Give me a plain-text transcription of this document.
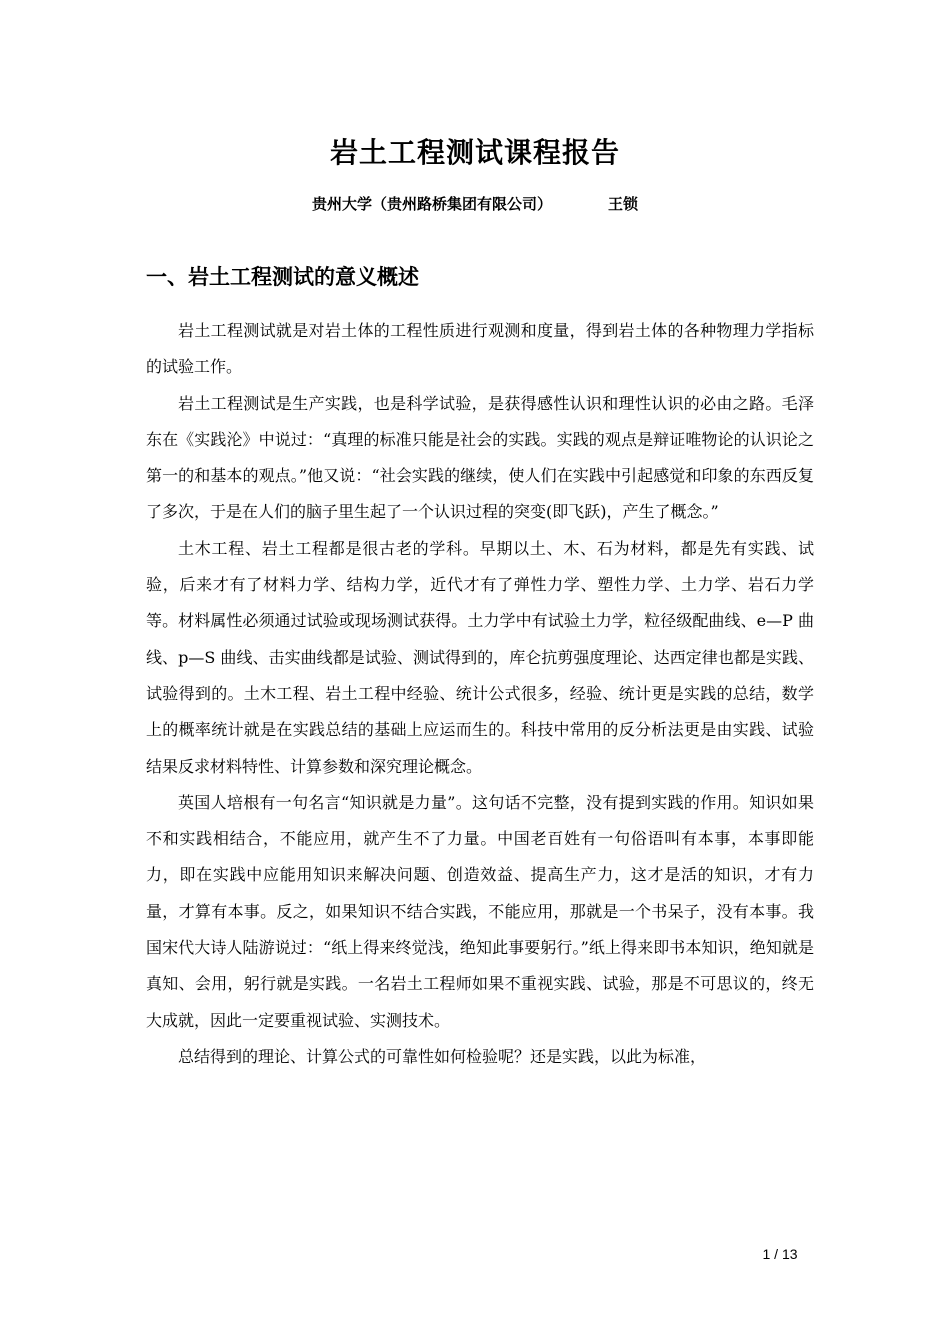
岩土工程测试课程报告
贵州大学（贵州路桥集团有限公司）	王锁
一、岩土工程测试的意义概述

岩土工程测试就是对岩土体的工程性质进行观测和度量，得到岩土体的各种物理力学指标的试验工作。

岩土工程测试是生产实践，也是科学试验，是获得感性认识和理性认识的必由之路。毛泽东在《实践沦》中说过：“真理的标准只能是社会的实践。实践的观点是辩证唯物论的认识论之第一的和基本的观点。”他又说：“社会实践的继续，使人们在实践中引起感觉和印象的东西反复了多次，于是在人们的脑子里生起了一个认识过程的突变(即飞跃)，产生了概念。”

土木工程、岩土工程都是很古老的学科。早期以土、木、石为材料，都是先有实践、试验，后来才有了材料力学、结构力学，近代才有了弹性力学、塑性力学、土力学、岩石力学等。材料属性必须通过试验或现场测试获得。土力学中有试验土力学，粒径级配曲线、e—P 曲线、p—S 曲线、击实曲线都是试验、测试得到的，库仑抗剪强度理论、达西定律也都是实践、试验得到的。土木工程、岩土工程中经验、统计公式很多，经验、统计更是实践的总结，数学上的概率统计就是在实践总结的基础上应运而生的。科技中常用的反分析法更是由实践、试验结果反求材料特性、计算参数和深究理论概念。

英国人培根有一句名言“知识就是力量”。这句话不完整，没有提到实践的作用。知识如果不和实践相结合，不能应用，就产生不了力量。中国老百姓有一句俗语叫有本事，本事即能力，即在实践中应能用知识来解决问题、创造效益、提高生产力，这才是活的知识，才有力量，才算有本事。反之，如果知识不结合实践，不能应用，那就是一个书呆子，没有本事。我国宋代大诗人陆游说过：“纸上得来终觉浅，绝知此事要躬行。”纸上得来即书本知识，绝知就是真知、会用，躬行就是实践。一名岩土工程师如果不重视实践、试验，那是不可思议的，终无大成就，因此一定要重视试验、实测技术。

总结得到的理论、计算公式的可靠性如何检验呢？还是实践，以此为标准，

1 / 13
